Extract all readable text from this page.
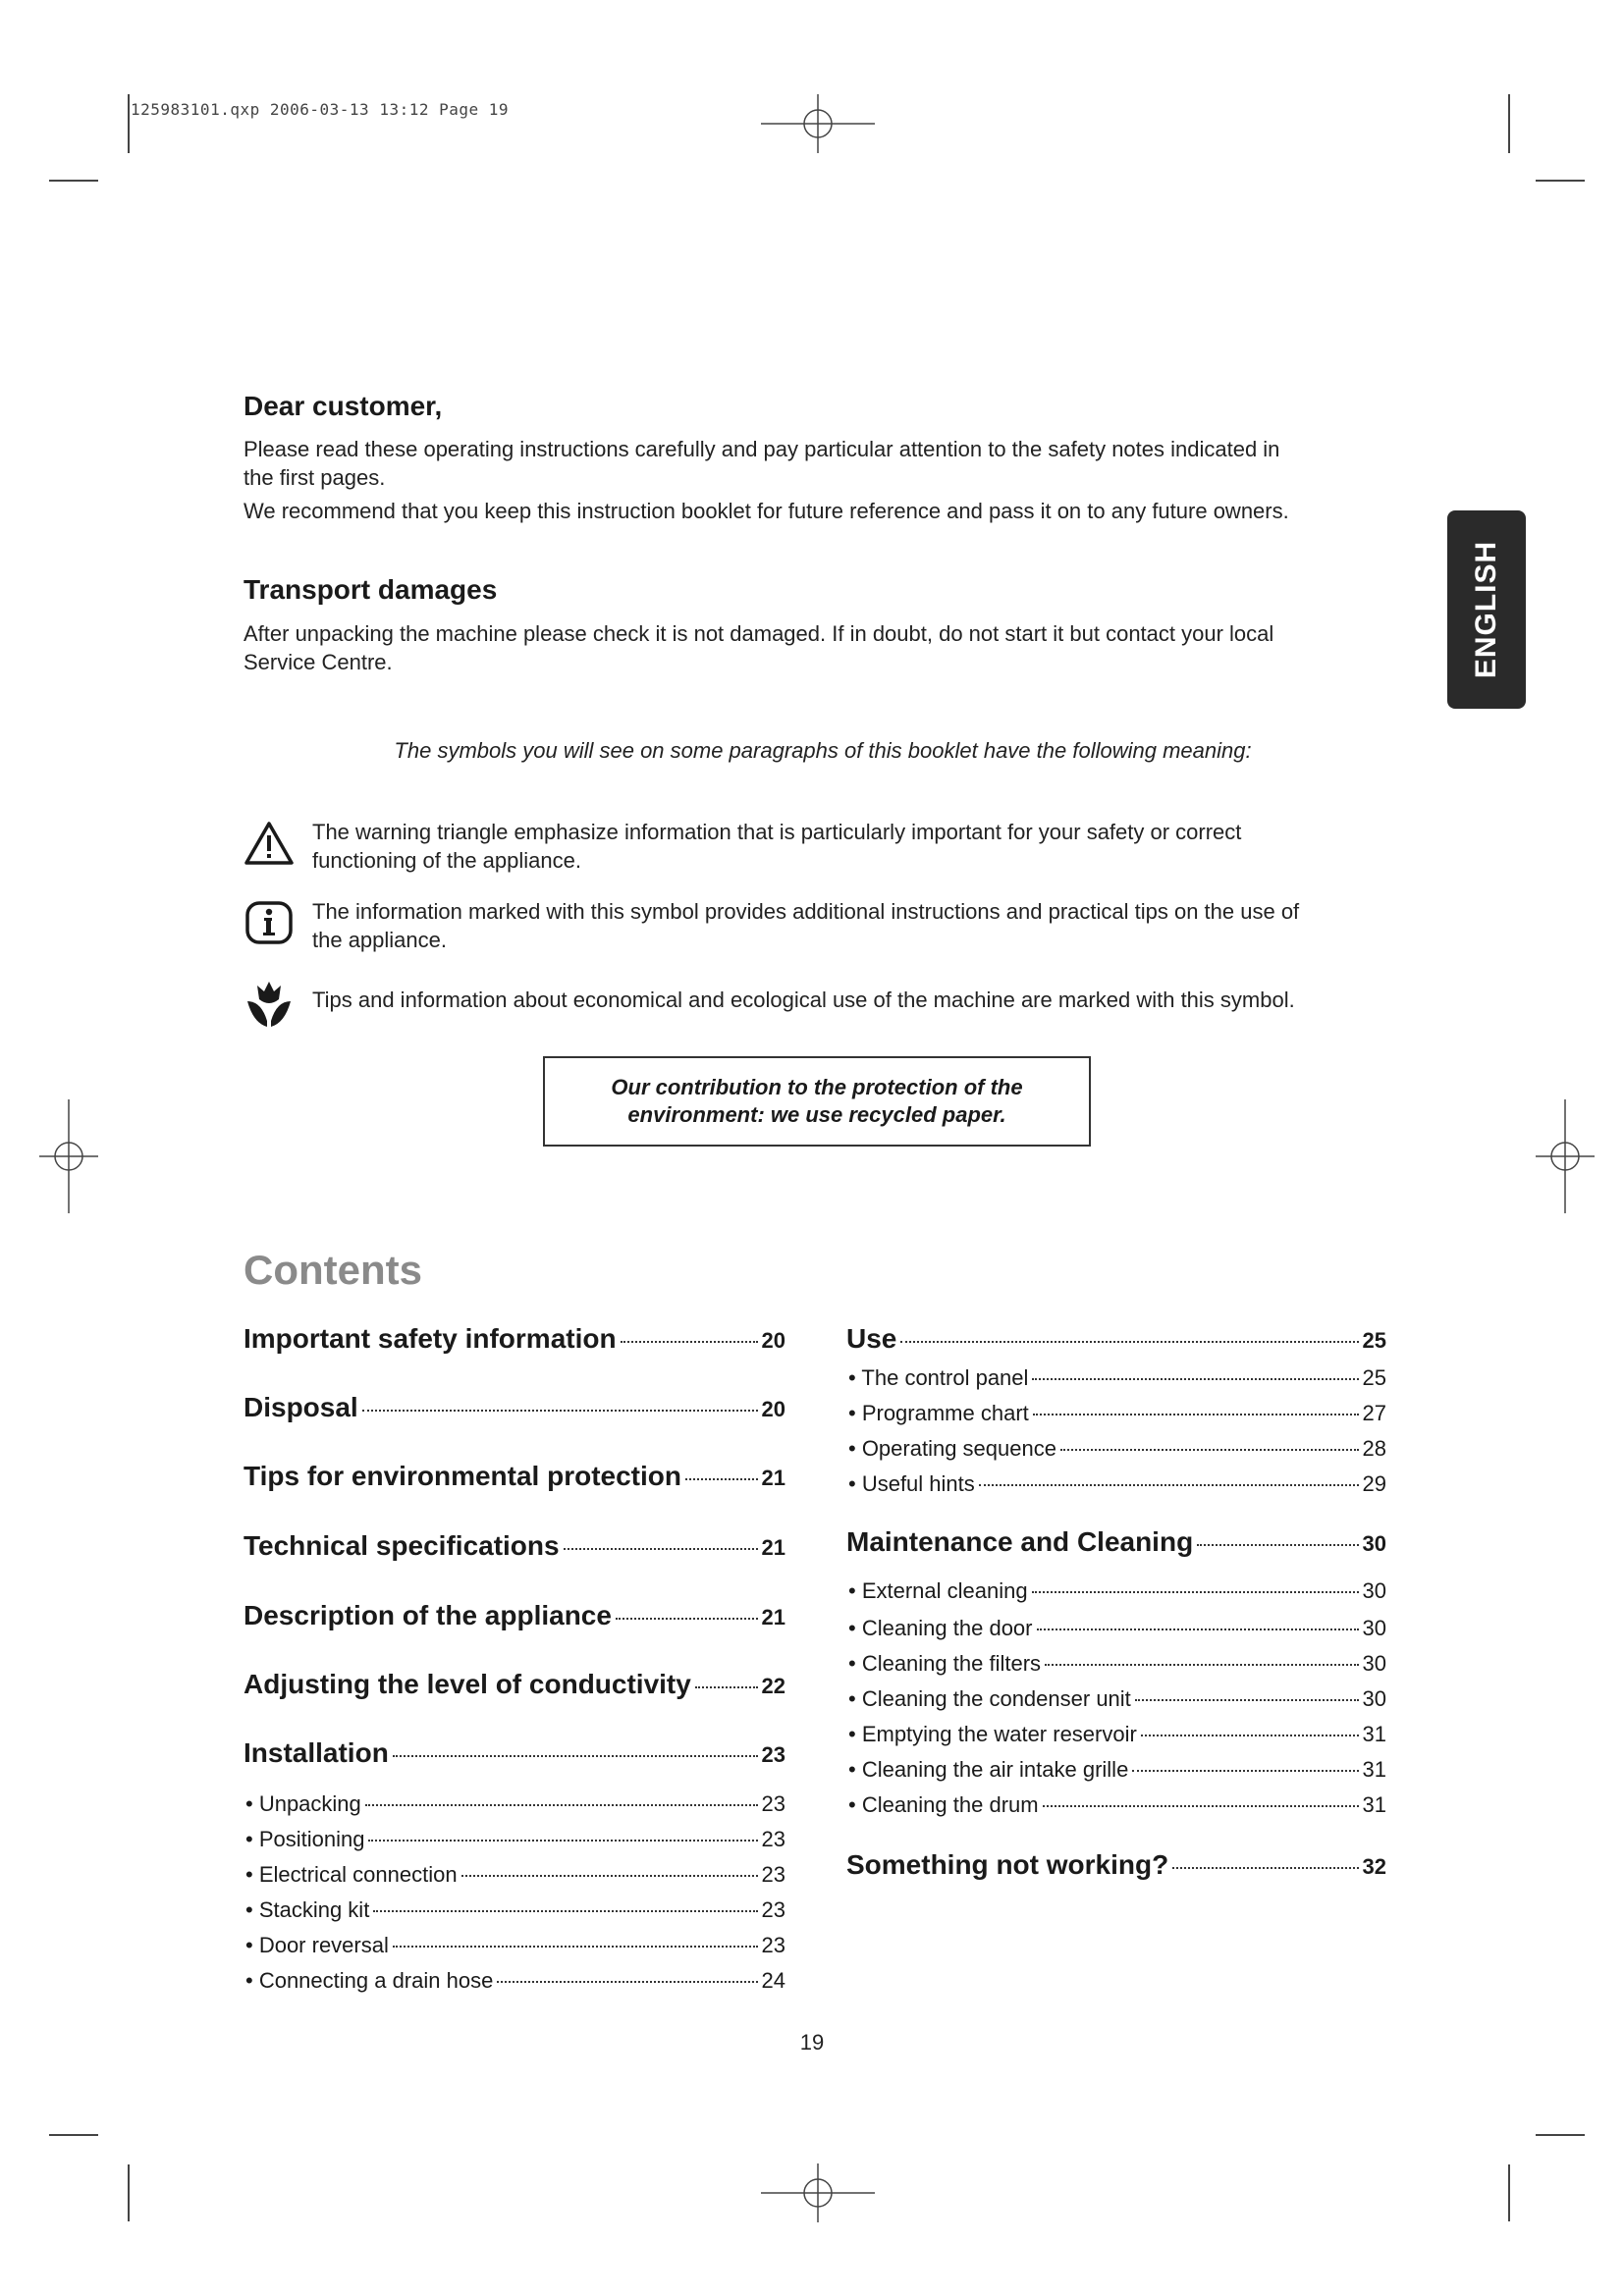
125983101.qxp 2006-03-13 13:12 Page 19
ENGLISH
Dear customer,

Please read these operating instructions carefully and pay particular attention to the safety notes indicated in

the first pages.

We recommend that you keep this instruction booklet for future reference and pass it on to any future owners.

Transport damages

After unpacking the machine please check it is not damaged. If in doubt, do not start it but contact your local

Service Centre.

The symbols you will see on some paragraphs of this booklet have the following meaning:
The warning triangle emphasize information that is particularly important for your safety or correct
functioning of the appliance.
The information marked with this symbol provides additional instructions and practical tips on the use of
the appliance.
Tips and information about economical and ecological use of the machine are marked with this symbol.
Our contribution to the protection of the
environment: we use recycled paper.
Contents
Important safety information	20
Disposal	20
Tips for environmental protection	21
Technical specifications	21
Description of the appliance	21
Adjusting the level of conductivity	22
Installation	23
• Unpacking	23
• Positioning	23
• Electrical connection	23
• Stacking kit	23
• Door reversal	23
• Connecting a drain hose	24
Use	25
• The control panel	25
• Programme chart	27
• Operating sequence	28
• Useful hints	29
Maintenance and Cleaning	30
• External cleaning	30
• Cleaning the door	30
• Cleaning the filters	30
• Cleaning the condenser unit	30
• Emptying the water reservoir	31
• Cleaning the air intake grille	31
• Cleaning the drum	31
Something not working?	32
19
